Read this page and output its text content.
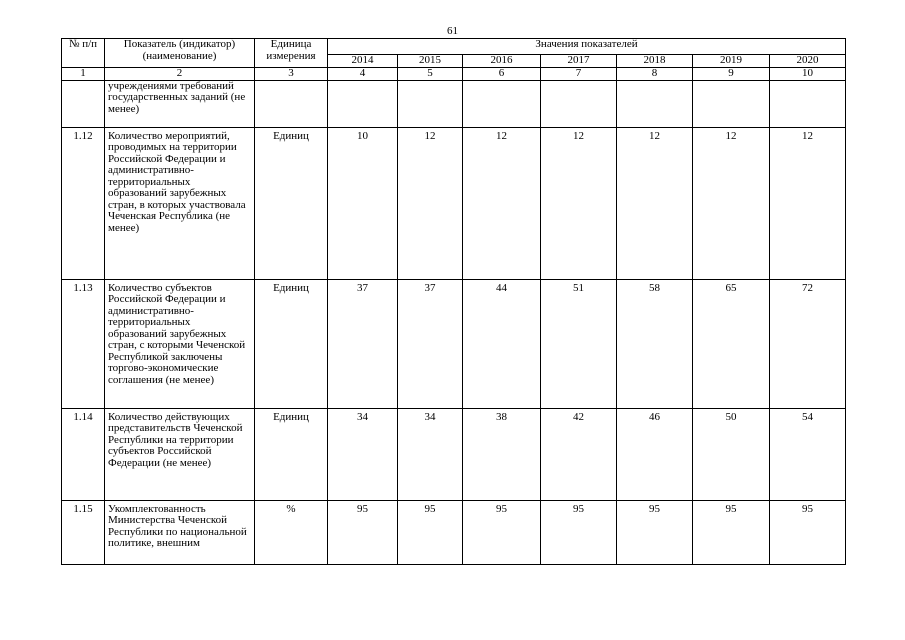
61
№ п/п	Показатель (индикатор) (наименование)	Единица измерения	Значения показателей						
			2014	2015	2016	2017	2018	2019	2020
1	2	3	4	5	6	7	8	9	10
	учреждениями требований государственных заданий (не менее)								
1.12	Количество мероприятий, проводимых на территории Российской Федерации и административно-территориальных образований зарубежных стран, в которых участвовала Чеченская Республика (не менее)	Единиц	10	12	12	12	12	12	12
1.13	Количество субъектов Российской Федерации и административно-территориальных образований зарубежных стран, с которыми Чеченской Республикой заключены торгово-экономические соглашения (не менее)	Единиц	37	37	44	51	58	65	72
1.14	Количество действующих представительств Чеченской Республики на территории субъектов Российской Федерации (не менее)	Единиц	34	34	38	42	46	50	54
1.15	Укомплектованность Министерства Чеченской Республики по национальной политике, внешним	%	95	95	95	95	95	95	95
